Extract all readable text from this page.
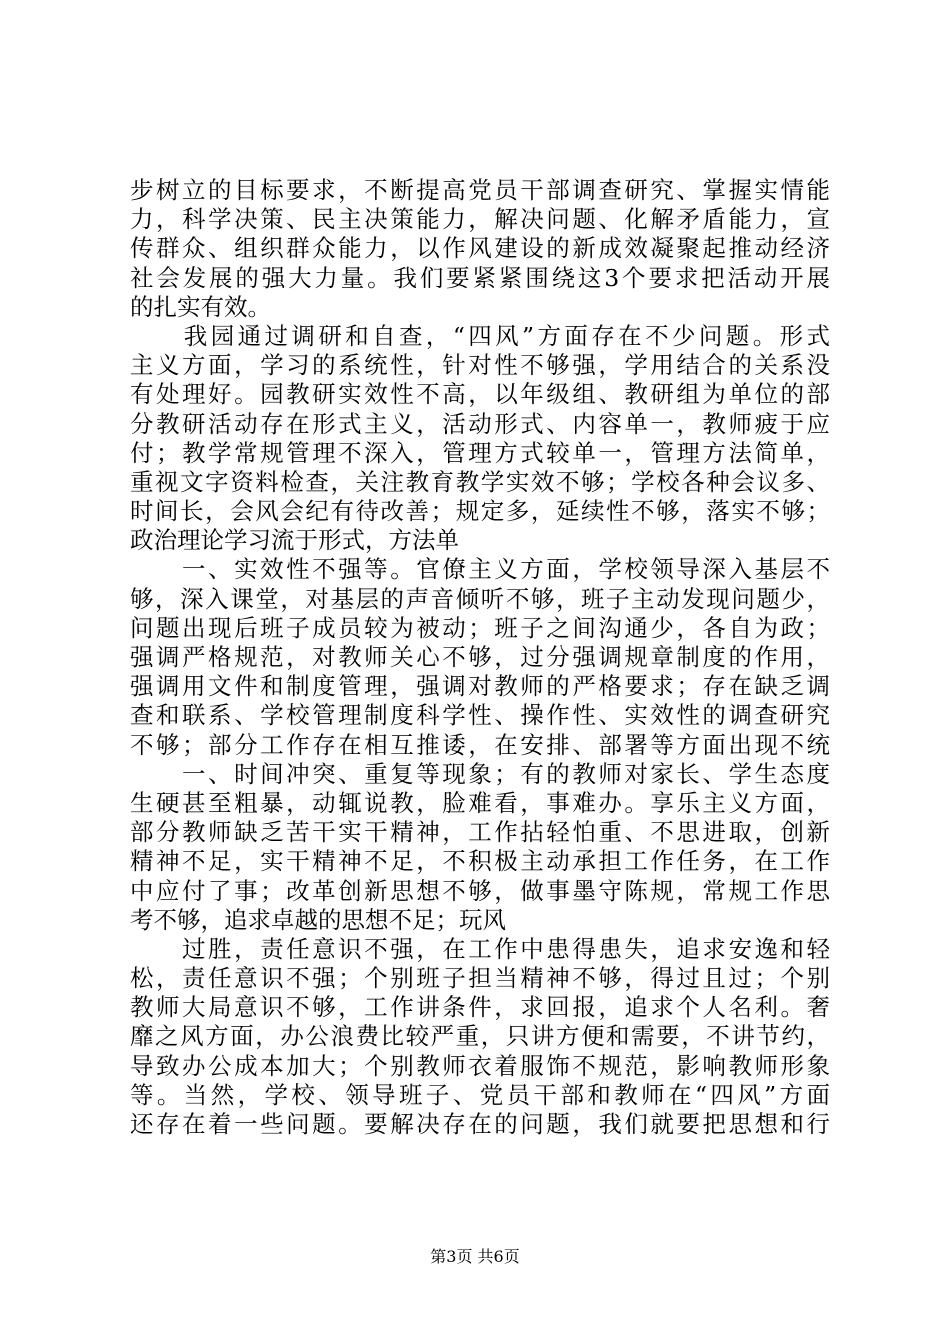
步树立的目标要求，不断提高党员干部调查研究、掌握实情能
力，科学决策、民主决策能力，解决问题、化解矛盾能力，宣
传群众、组织群众能力，以作风建设的新成效凝聚起推动经济
社会发展的强大力量。我们要紧紧围绕这3个要求把活动开展
的扎实有效。
　　我园通过调研和自查，“四风”方面存在不少问题。形式
主义方面，学习的系统性，针对性不够强，学用结合的关系没
有处理好。园教研实效性不高，以年级组、教研组为单位的部
分教研活动存在形式主义，活动形式、内容单一，教师疲于应
付；教学常规管理不深入，管理方式较单一，管理方法简单，
重视文字资料检查，关注教育教学实效不够；学校各种会议多、
时间长，会风会纪有待改善；规定多，延续性不够，落实不够；
政治理论学习流于形式，方法单
　　一、实效性不强等。官僚主义方面，学校领导深入基层不
够，深入课堂，对基层的声音倾听不够，班子主动发现问题少，
问题出现后班子成员较为被动；班子之间沟通少，各自为政；
强调严格规范，对教师关心不够，过分强调规章制度的作用，
强调用文件和制度管理，强调对教师的严格要求；存在缺乏调
查和联系、学校管理制度科学性、操作性、实效性的调查研究
不够；部分工作存在相互推诿，在安排、部署等方面出现不统
　　一、时间冲突、重复等现象；有的教师对家长、学生态度
生硬甚至粗暴，动辄说教，脸难看，事难办。享乐主义方面，
部分教师缺乏苦干实干精神，工作拈轻怕重、不思进取，创新
精神不足，实干精神不足，不积极主动承担工作任务，在工作
中应付了事；改革创新思想不够，做事墨守陈规，常规工作思
考不够，追求卓越的思想不足；玩风
　　过胜，责任意识不强，在工作中患得患失，追求安逸和轻
松，责任意识不强；个别班子担当精神不够，得过且过；个别
教师大局意识不够，工作讲条件，求回报，追求个人名利。奢
靡之风方面，办公浪费比较严重，只讲方便和需要，不讲节约，
导致办公成本加大；个别教师衣着服饰不规范，影响教师形象
等。当然，学校、领导班子、党员干部和教师在“四风”方面
还存在着一些问题。要解决存在的问题，我们就要把思想和行
第3页 共6页
